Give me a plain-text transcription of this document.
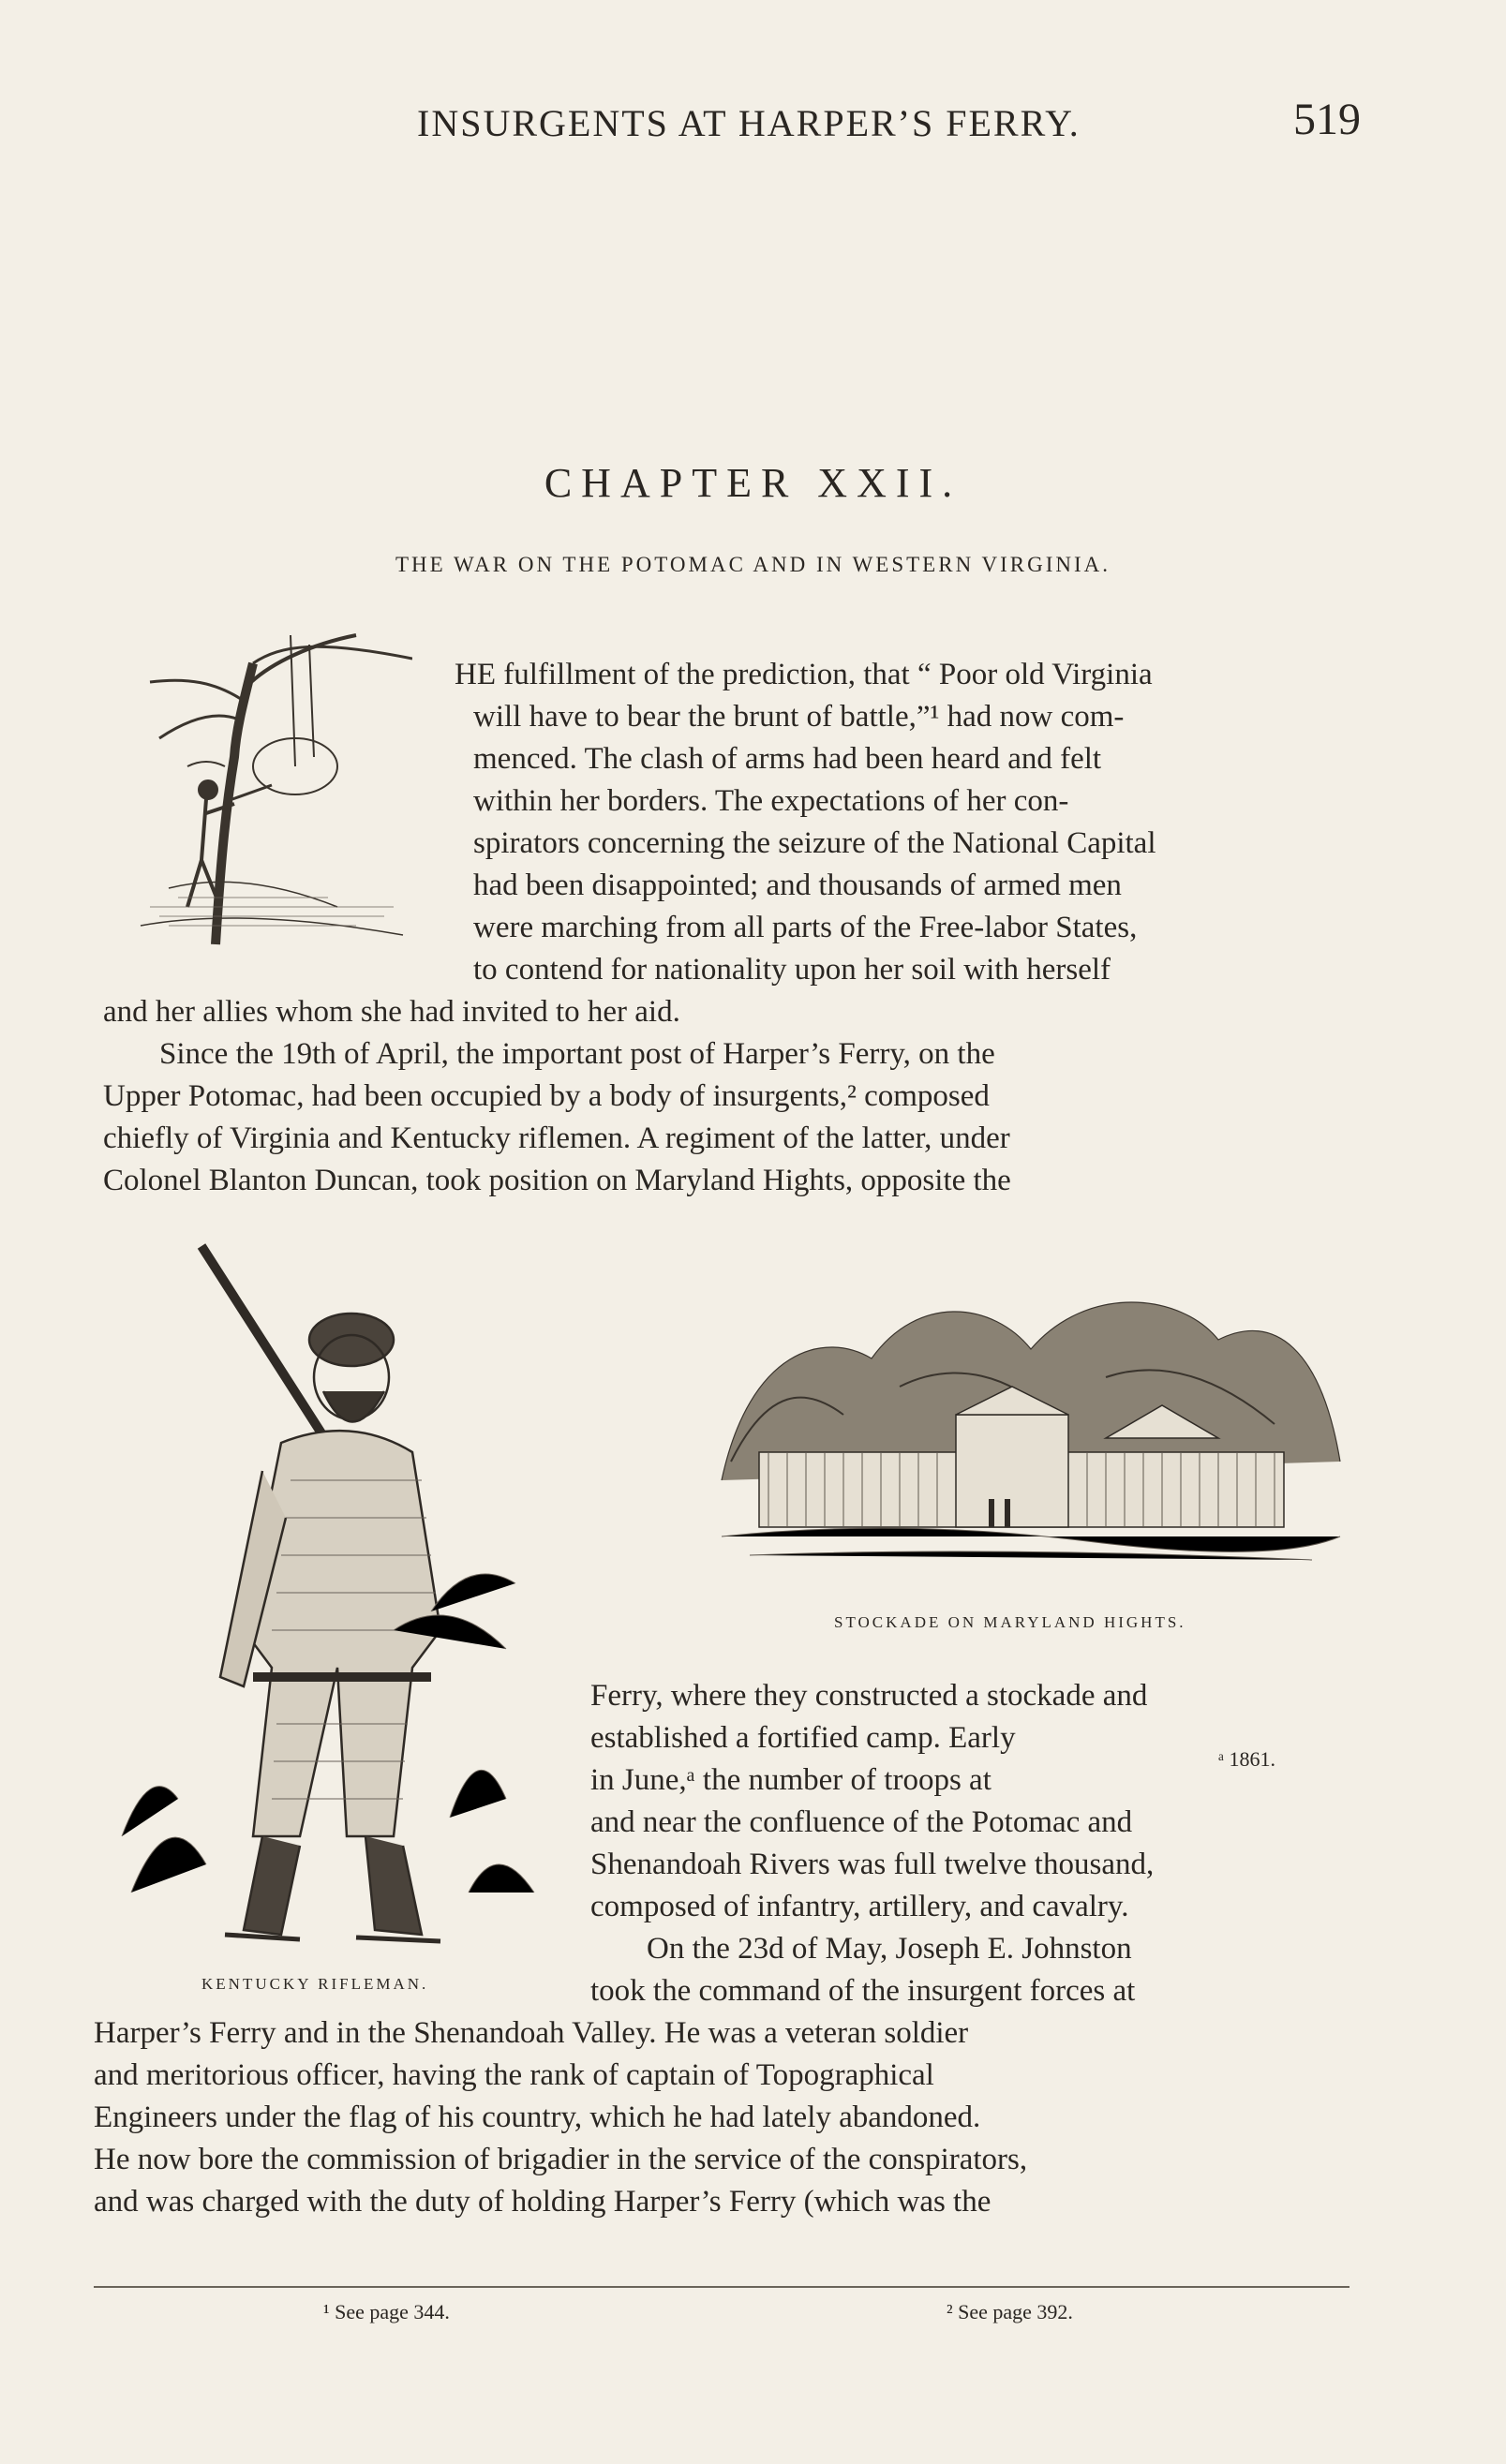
INSURGENTS AT HARPER’S FERRY.	519
CHAPTER XXII.
THE WAR ON THE POTOMAC AND IN WESTERN VIRGINIA.
HE fulfillment of the prediction, that “ Poor old Virginia
will have to bear the brunt of battle,”¹ had now com-
menced. The clash of arms had been heard and felt
within her borders. The expectations of her con-
spirators concerning the seizure of the National Capital
had been disappointed; and thousands of armed men
were marching from all parts of the Free-labor States,
to contend for nationality upon her soil with herself
and her allies whom she had invited to her aid.
Since the 19th of April, the important post of Harper’s Ferry, on the
Upper Potomac, had been occupied by a body of insurgents,² composed
chiefly of Virginia and Kentucky riflemen. A regiment of the latter, under
Colonel Blanton Duncan, took position on Maryland Hights, opposite the
KENTUCKY RIFLEMAN.
STOCKADE ON MARYLAND HIGHTS.
Ferry, where they constructed a stockade and
established a fortified camp. Early
ᵃ 1861.
in June,ᵃ the number of troops at
and near the confluence of the Potomac and
Shenandoah Rivers was full twelve thousand,
composed of infantry, artillery, and cavalry.
On the 23d of May, Joseph E. Johnston
took the command of the insurgent forces at
Harper’s Ferry and in the Shenandoah Valley. He was a veteran soldier
and meritorious officer, having the rank of captain of Topographical
Engineers under the flag of his country, which he had lately abandoned.
He now bore the commission of brigadier in the service of the conspirators,
and was charged with the duty of holding Harper’s Ferry (which was the
¹ See page 344.	² See page 392.
